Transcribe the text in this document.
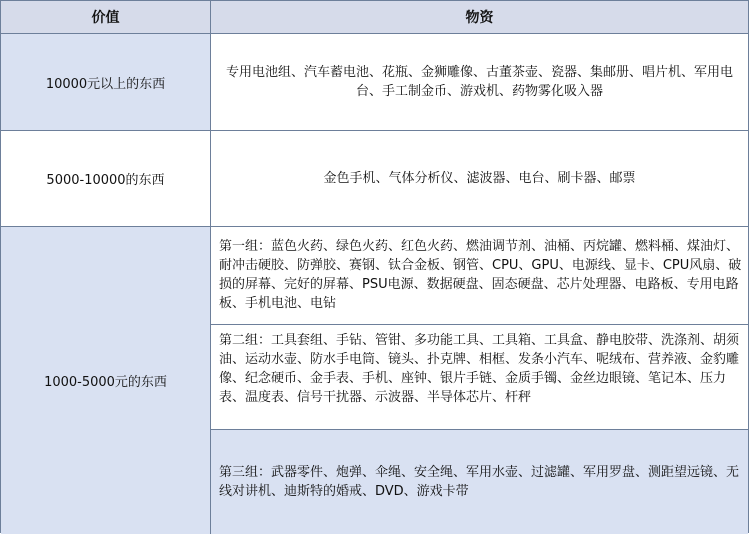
价值	物资
10000元以上的东西
专用电池组、汽车蓄电池、花瓶、金狮雕像、古董茶壶、瓷器、集邮册、唱片机、军用电台、手工制金币、游戏机、药物雾化吸入器
5000-10000的东西	金色手机、气体分析仪、滤波器、电台、刷卡器、邮票
1000-5000元的东西
第一组：蓝色火药、绿色火药、红色火药、燃油调节剂、油桶、丙烷罐、燃料桶、煤油灯、耐冲击硬胶、防弹胶、赛钢、钛合金板、钢管、CPU、GPU、电源线、显卡、CPU风扇、破损的屏幕、完好的屏幕、PSU电源、数据硬盘、固态硬盘、芯片处理器、电路板、专用电路板、手机电池、电钻
第二组：工具套组、手钻、管钳、多功能工具、工具箱、工具盒、静电胶带、洗涤剂、胡须油、运动水壶、防水手电筒、镜头、扑克牌、相框、发条小汽车、呢绒布、营养液、金豹雕像、纪念硬币、金手表、手机、座钟、银片手链、金质手镯、金丝边眼镜、笔记本、压力表、温度表、信号干扰器、示波器、半导体芯片、杆秤
第三组：武器零件、炮弹、伞绳、安全绳、军用水壶、过滤罐、军用罗盘、测距望远镜、无线对讲机、迪斯特的婚戒、DVD、游戏卡带
